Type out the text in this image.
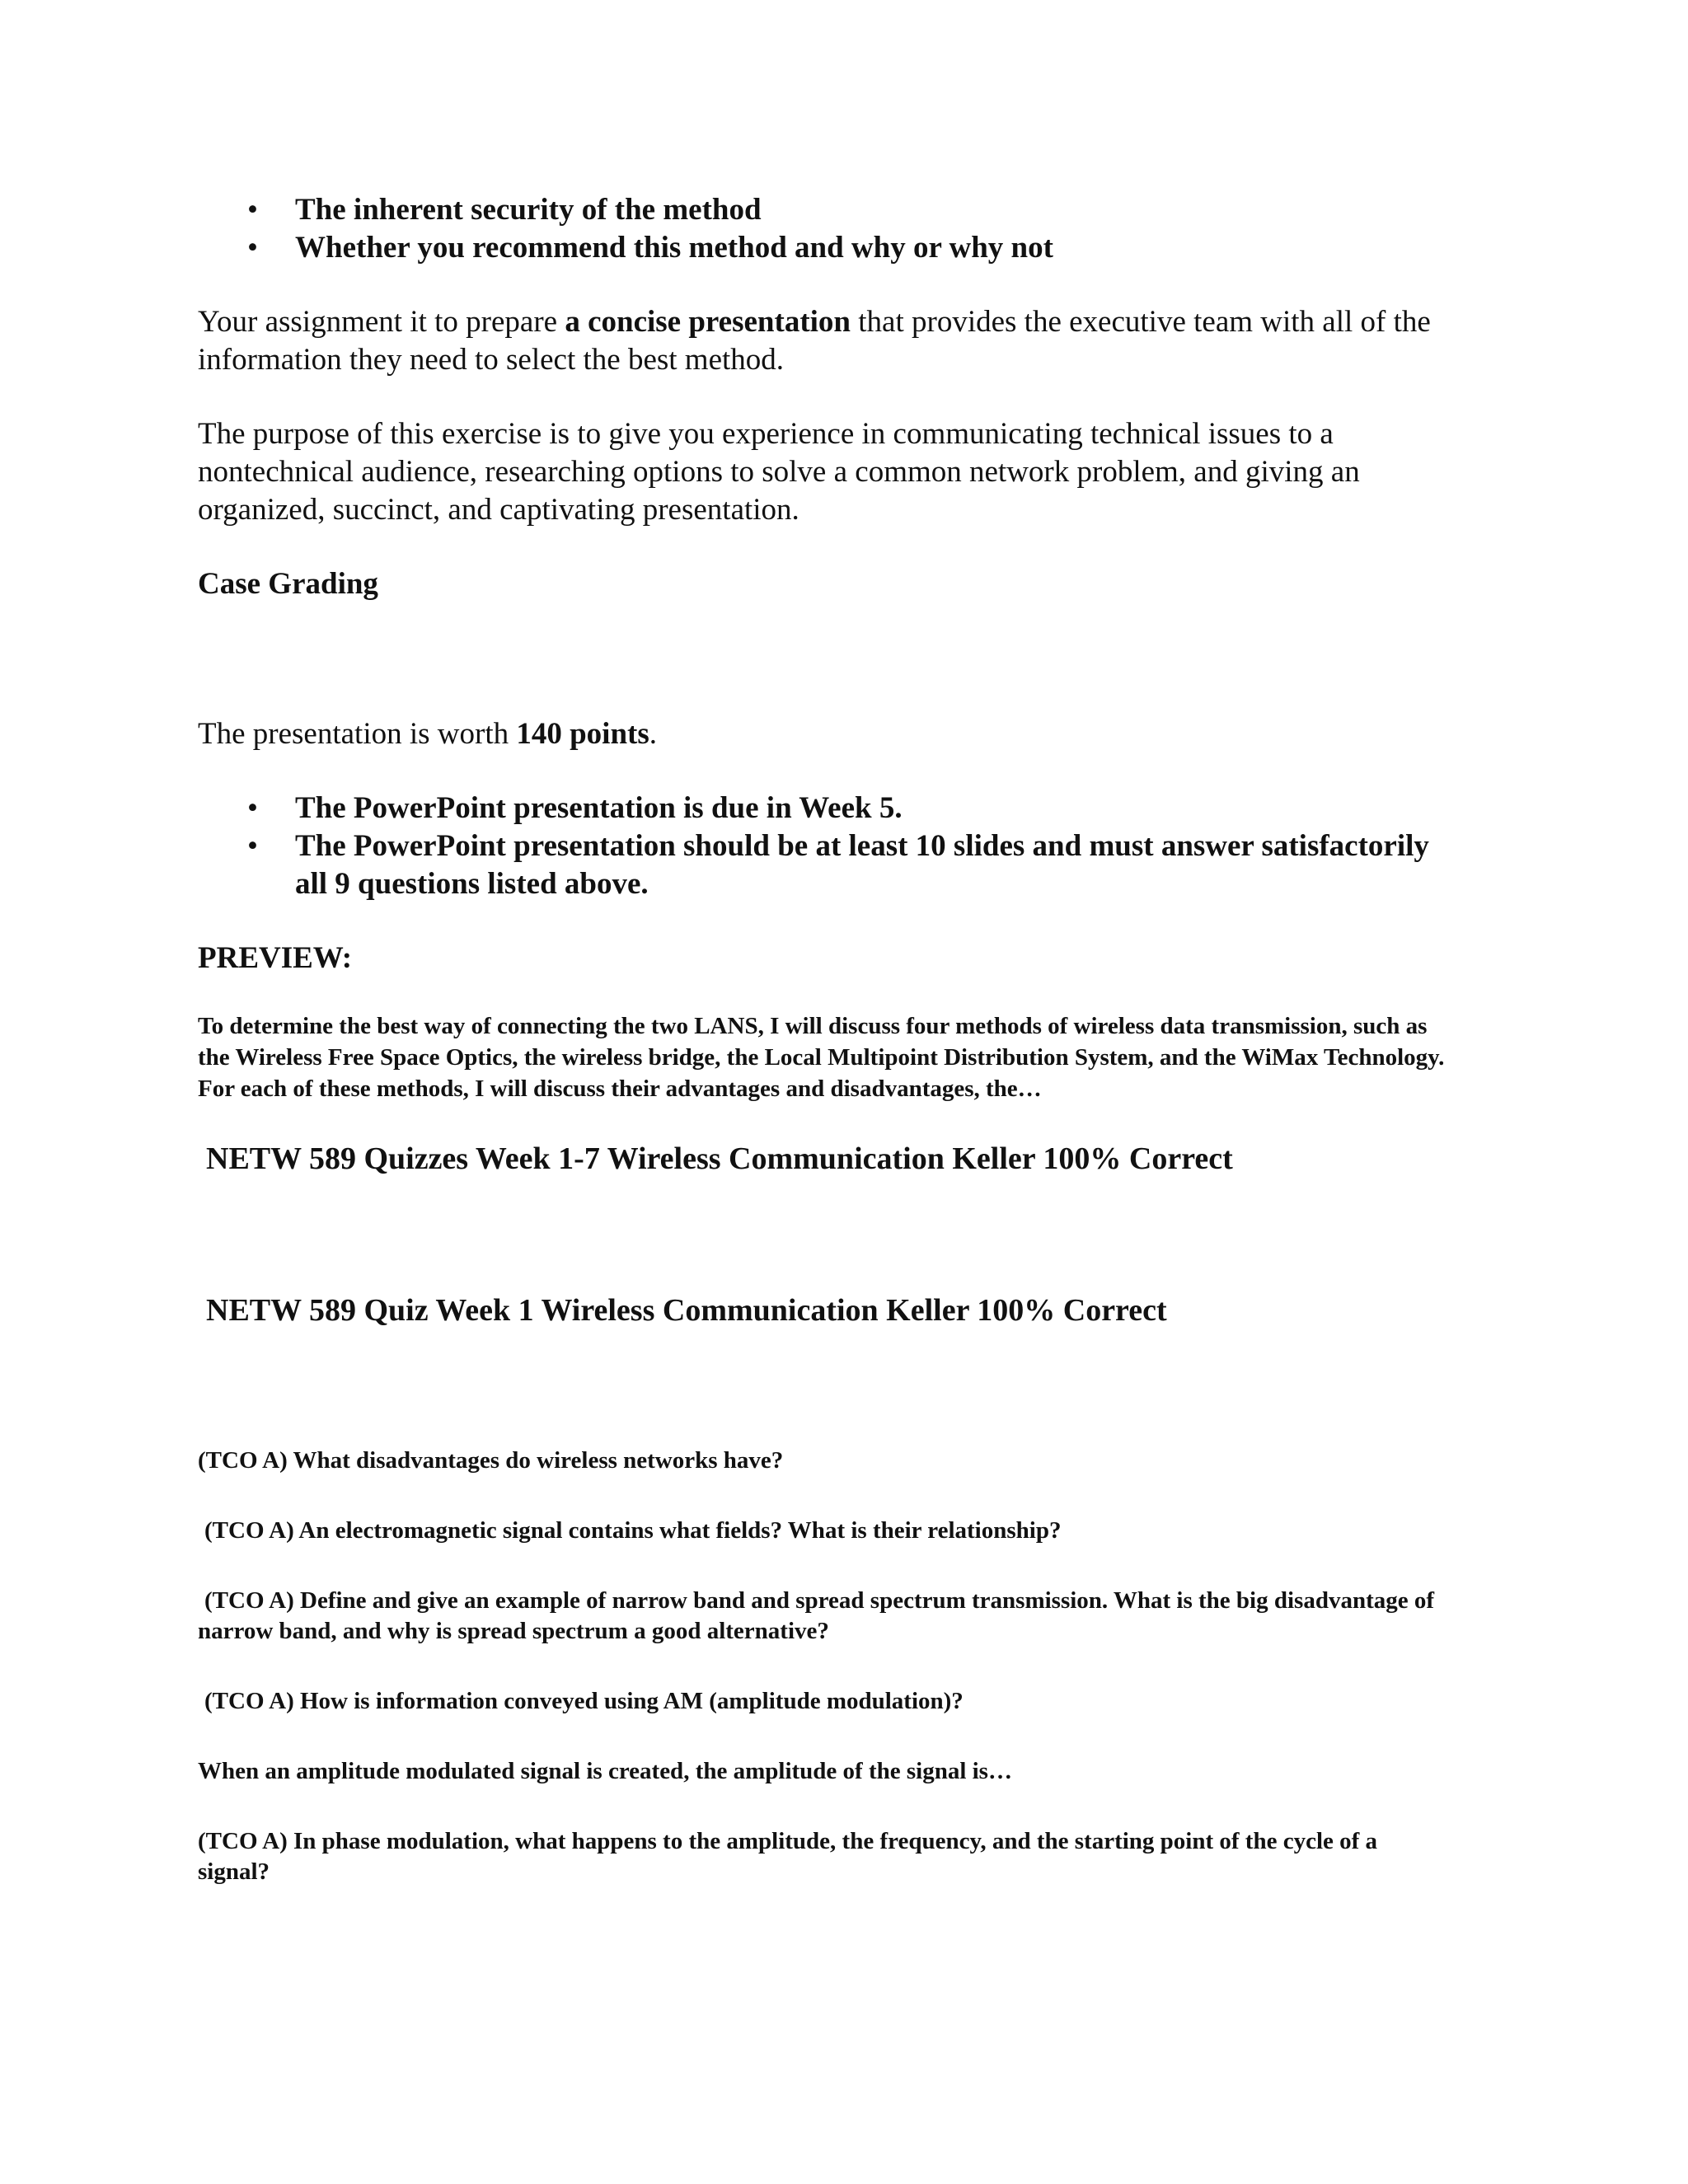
• The inherent security of the method
• Whether you recommend this method and why or why not

Your assignment it to prepare a concise presentation that provides the executive team with all of the information they need to select the best method.

The purpose of this exercise is to give you experience in communicating technical issues to a nontechnical audience, researching options to solve a common network problem, and giving an organized, succinct, and captivating presentation.

Case Grading

The presentation is worth 140 points.

• The PowerPoint presentation is due in Week 5.
• The PowerPoint presentation should be at least 10 slides and must answer satisfactorily all 9 questions listed above.

PREVIEW:

To determine the best way of connecting the two LANS, I will discuss four methods of wireless data transmission, such as the Wireless Free Space Optics, the wireless bridge, the Local Multipoint Distribution System, and the WiMax Technology. For each of these methods, I will discuss their advantages and disadvantages, the…

NETW 589 Quizzes Week 1-7 Wireless Communication Keller 100% Correct

NETW 589 Quiz Week 1 Wireless Communication Keller 100% Correct

(TCO A) What disadvantages do wireless networks have?

(TCO A) An electromagnetic signal contains what fields? What is their relationship?

(TCO A) Define and give an example of narrow band and spread spectrum transmission. What is the big disadvantage of narrow band, and why is spread spectrum a good alternative?

(TCO A) How is information conveyed using AM (amplitude modulation)?

When an amplitude modulated signal is created, the amplitude of the signal is…

(TCO A) In phase modulation, what happens to the amplitude, the frequency, and the starting point of the cycle of a signal?
